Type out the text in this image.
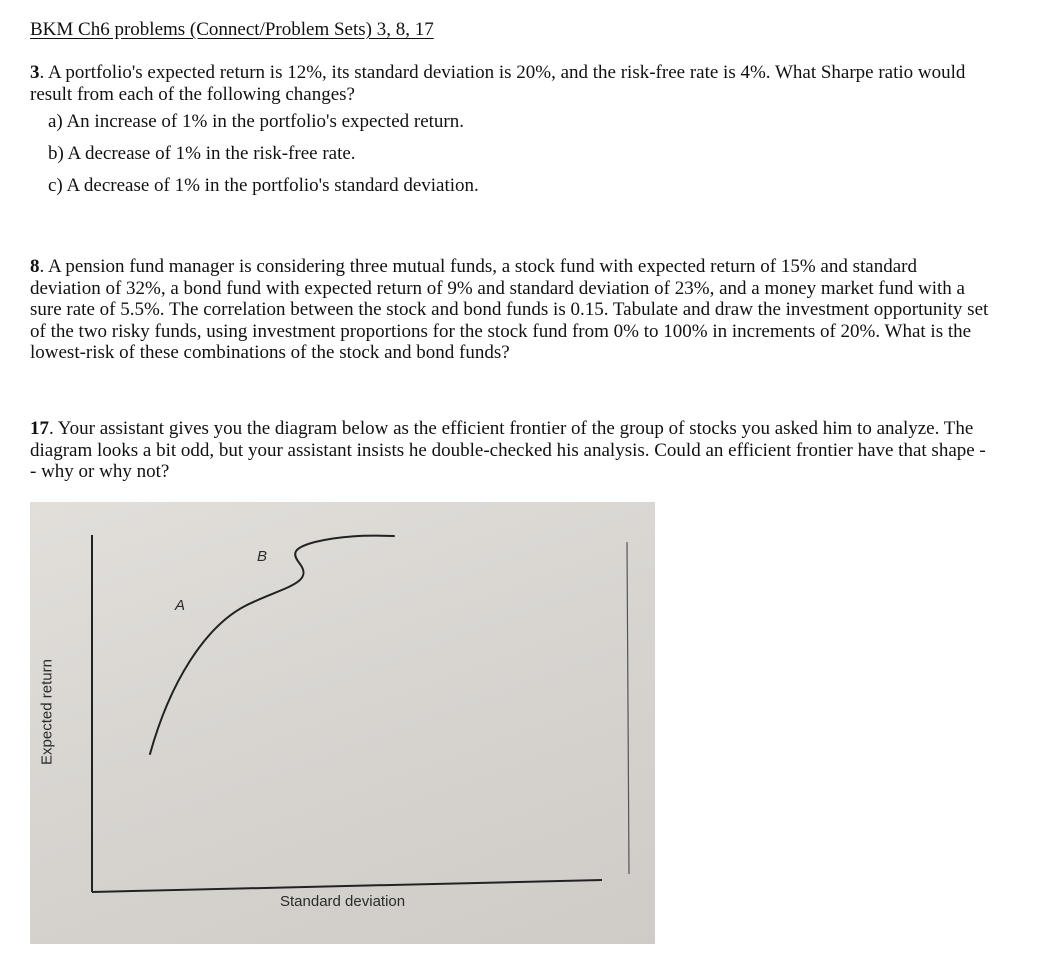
BKM Ch6 problems (Connect/Problem Sets) 3, 8, 17

3. A portfolio's expected return is 12%, its standard deviation is 20%, and the risk-free rate is 4%. What Sharpe ratio would result from each of the following changes?

a) An increase of 1% in the portfolio's expected return.

b) A decrease of 1% in the risk-free rate.

c) A decrease of 1% in the portfolio's standard deviation.

8. A pension fund manager is considering three mutual funds, a stock fund with expected return of 15% and standard deviation of 32%, a bond fund with expected return of 9% and standard deviation of 23%, and a money market fund with a sure rate of 5.5%. The correlation between the stock and bond funds is 0.15. Tabulate and draw the investment opportunity set of the two risky funds, using investment proportions for the stock fund from 0% to 100% in increments of 20%. What is the lowest-risk of these combinations of the stock and bond funds?

17. Your assistant gives you the diagram below as the efficient frontier of the group of stocks you asked him to analyze. The diagram looks a bit odd, but your assistant insists he double-checked his analysis. Could an efficient frontier have that shape -- why or why not?

Expected return
Standard deviation
A
B
